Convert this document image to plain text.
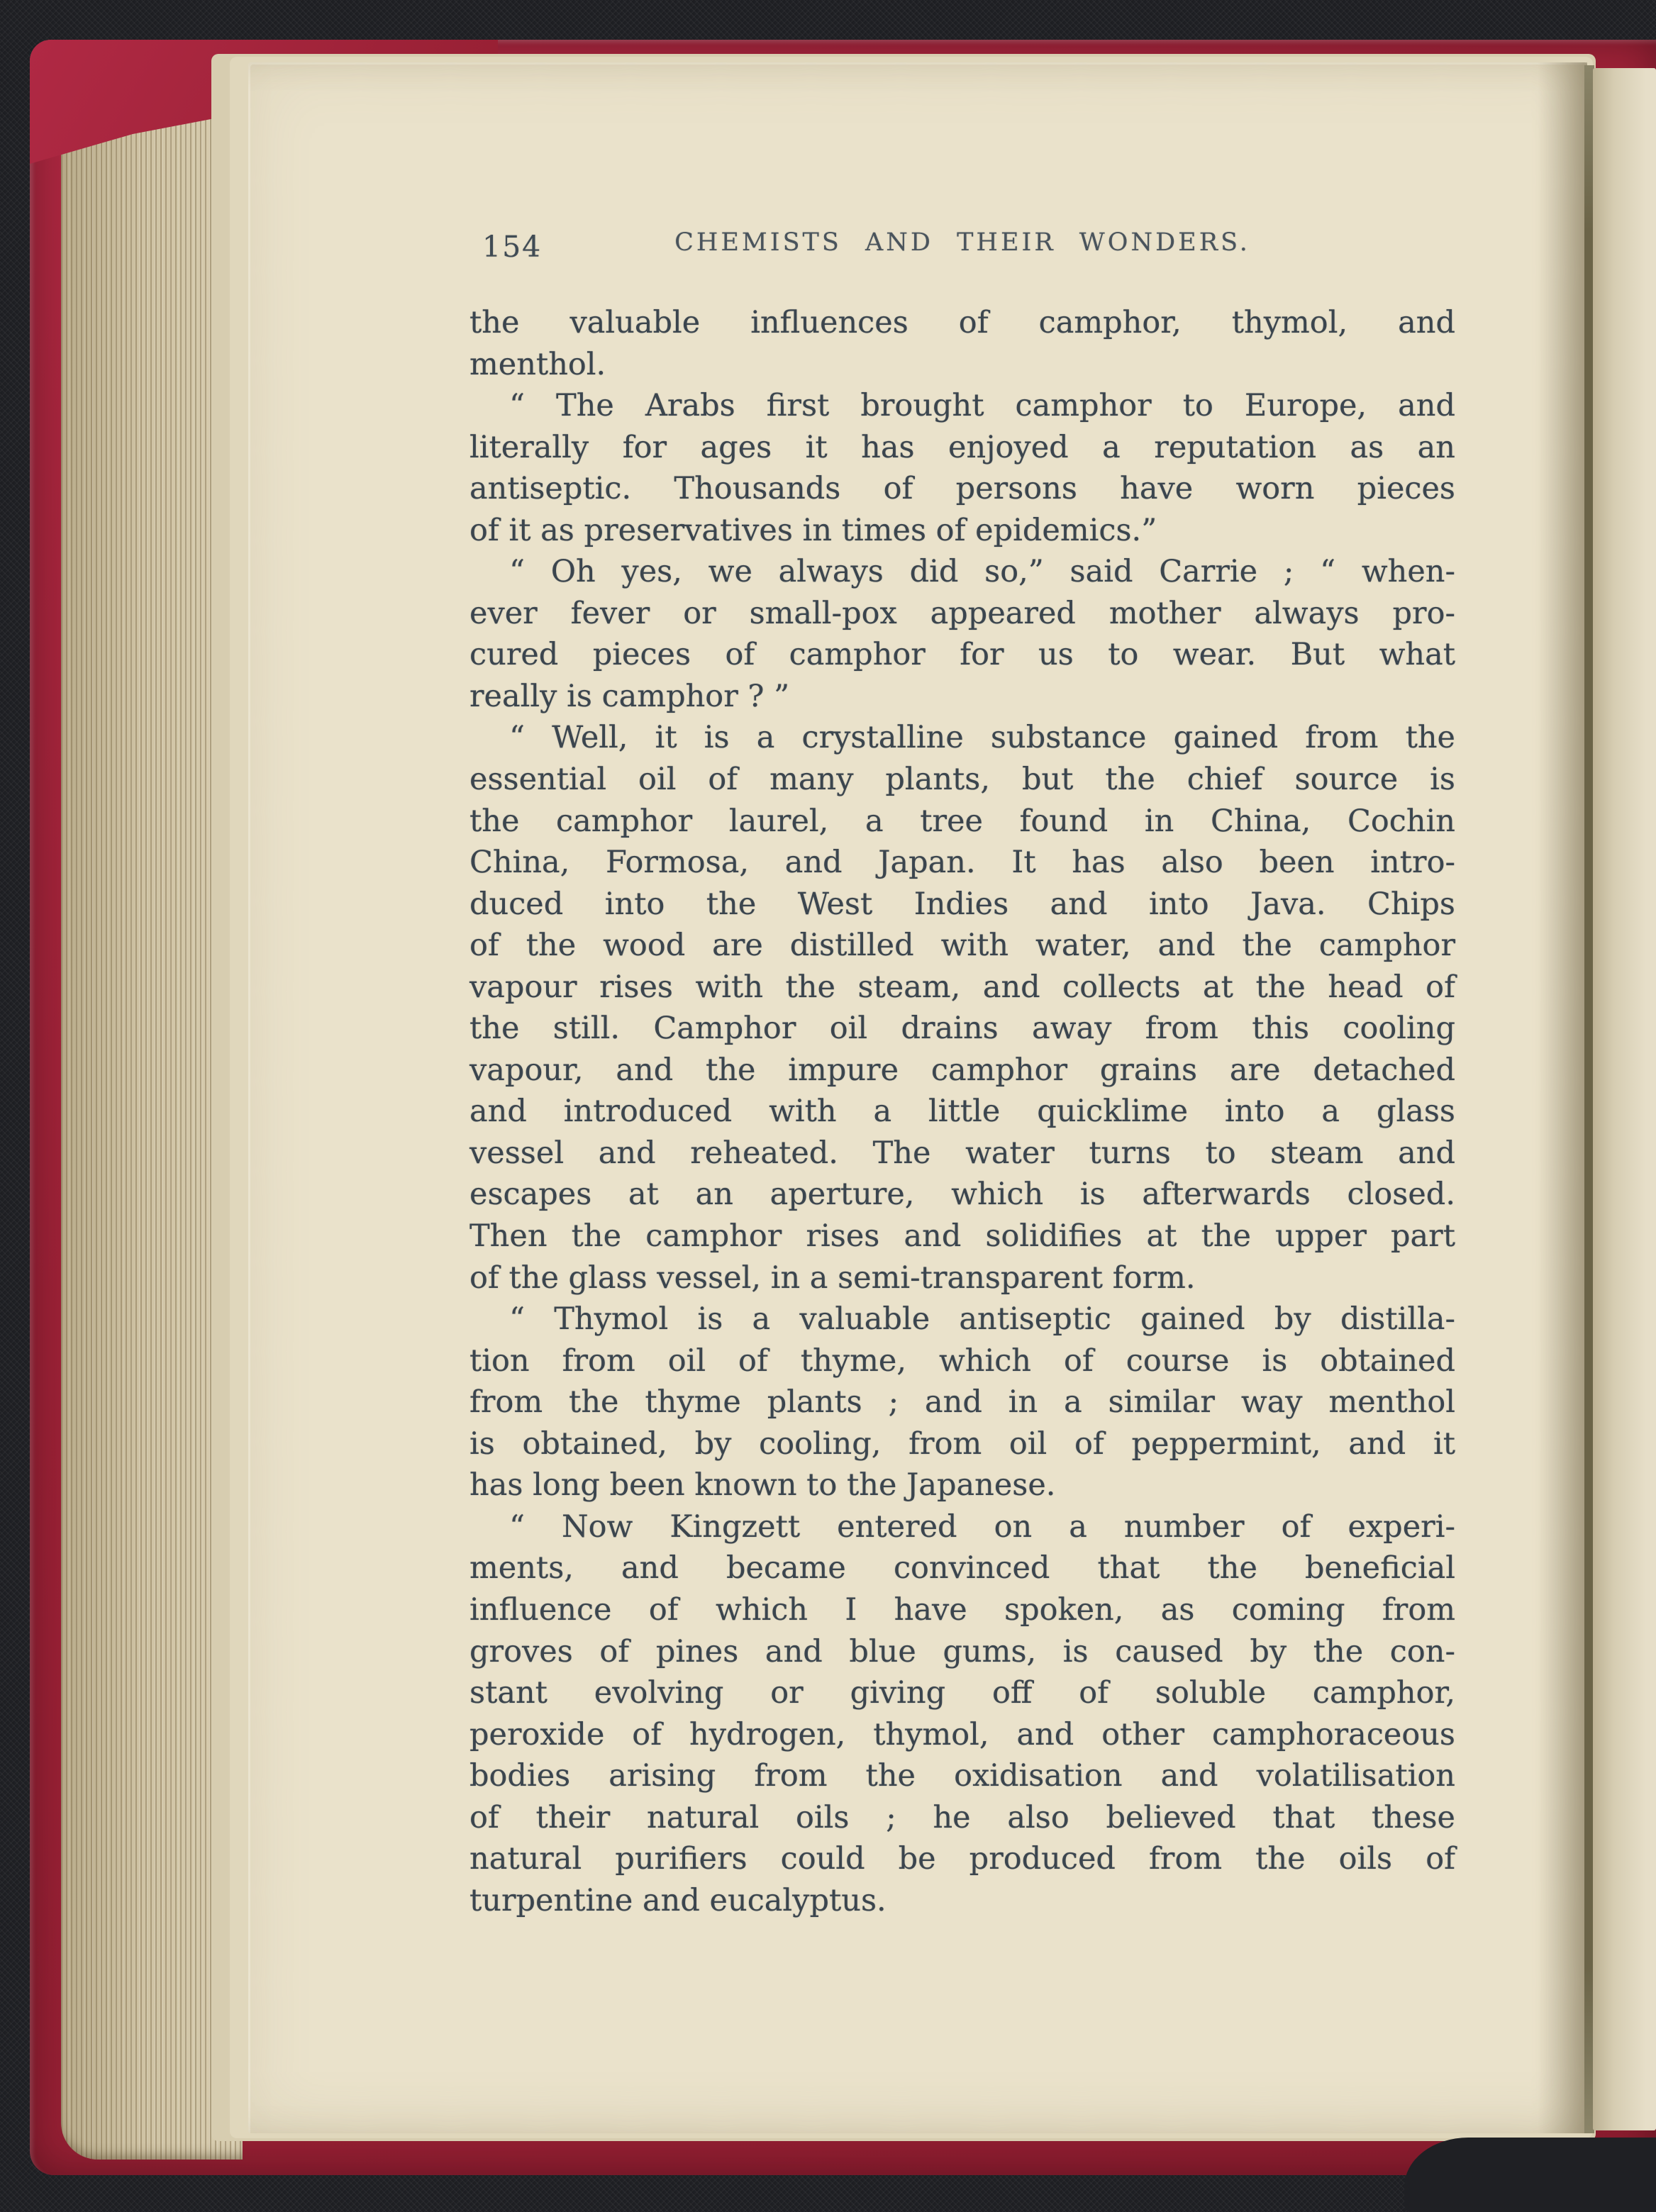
154	CHEMISTS AND THEIR WONDERS.
the valuable influences of camphor, thymol, and
menthol.
“ The Arabs first brought camphor to Europe, and
literally for ages it has enjoyed a reputation as an
antiseptic. Thousands of persons have worn pieces
of it as preservatives in times of epidemics.”
“ Oh yes, we always did so,” said Carrie ; “ when-
ever fever or small-pox appeared mother always pro-
cured pieces of camphor for us to wear. But what
really is camphor ? ”
“ Well, it is a crystalline substance gained from the
essential oil of many plants, but the chief source is
the camphor laurel, a tree found in China, Cochin
China, Formosa, and Japan. It has also been intro-
duced into the West Indies and into Java. Chips
of the wood are distilled with water, and the camphor
vapour rises with the steam, and collects at the head of
the still. Camphor oil drains away from this cooling
vapour, and the impure camphor grains are detached
and introduced with a little quicklime into a glass
vessel and reheated. The water turns to steam and
escapes at an aperture, which is afterwards closed.
Then the camphor rises and solidifies at the upper part
of the glass vessel, in a semi-transparent form.
“ Thymol is a valuable antiseptic gained by distilla-
tion from oil of thyme, which of course is obtained
from the thyme plants ; and in a similar way menthol
is obtained, by cooling, from oil of peppermint, and it
has long been known to the Japanese.
“ Now Kingzett entered on a number of experi-
ments, and became convinced that the beneficial
influence of which I have spoken, as coming from
groves of pines and blue gums, is caused by the con-
stant evolving or giving off of soluble camphor,
peroxide of hydrogen, thymol, and other camphoraceous
bodies arising from the oxidisation and volatilisation
of their natural oils ; he also believed that these
natural purifiers could be produced from the oils of
turpentine and eucalyptus.
